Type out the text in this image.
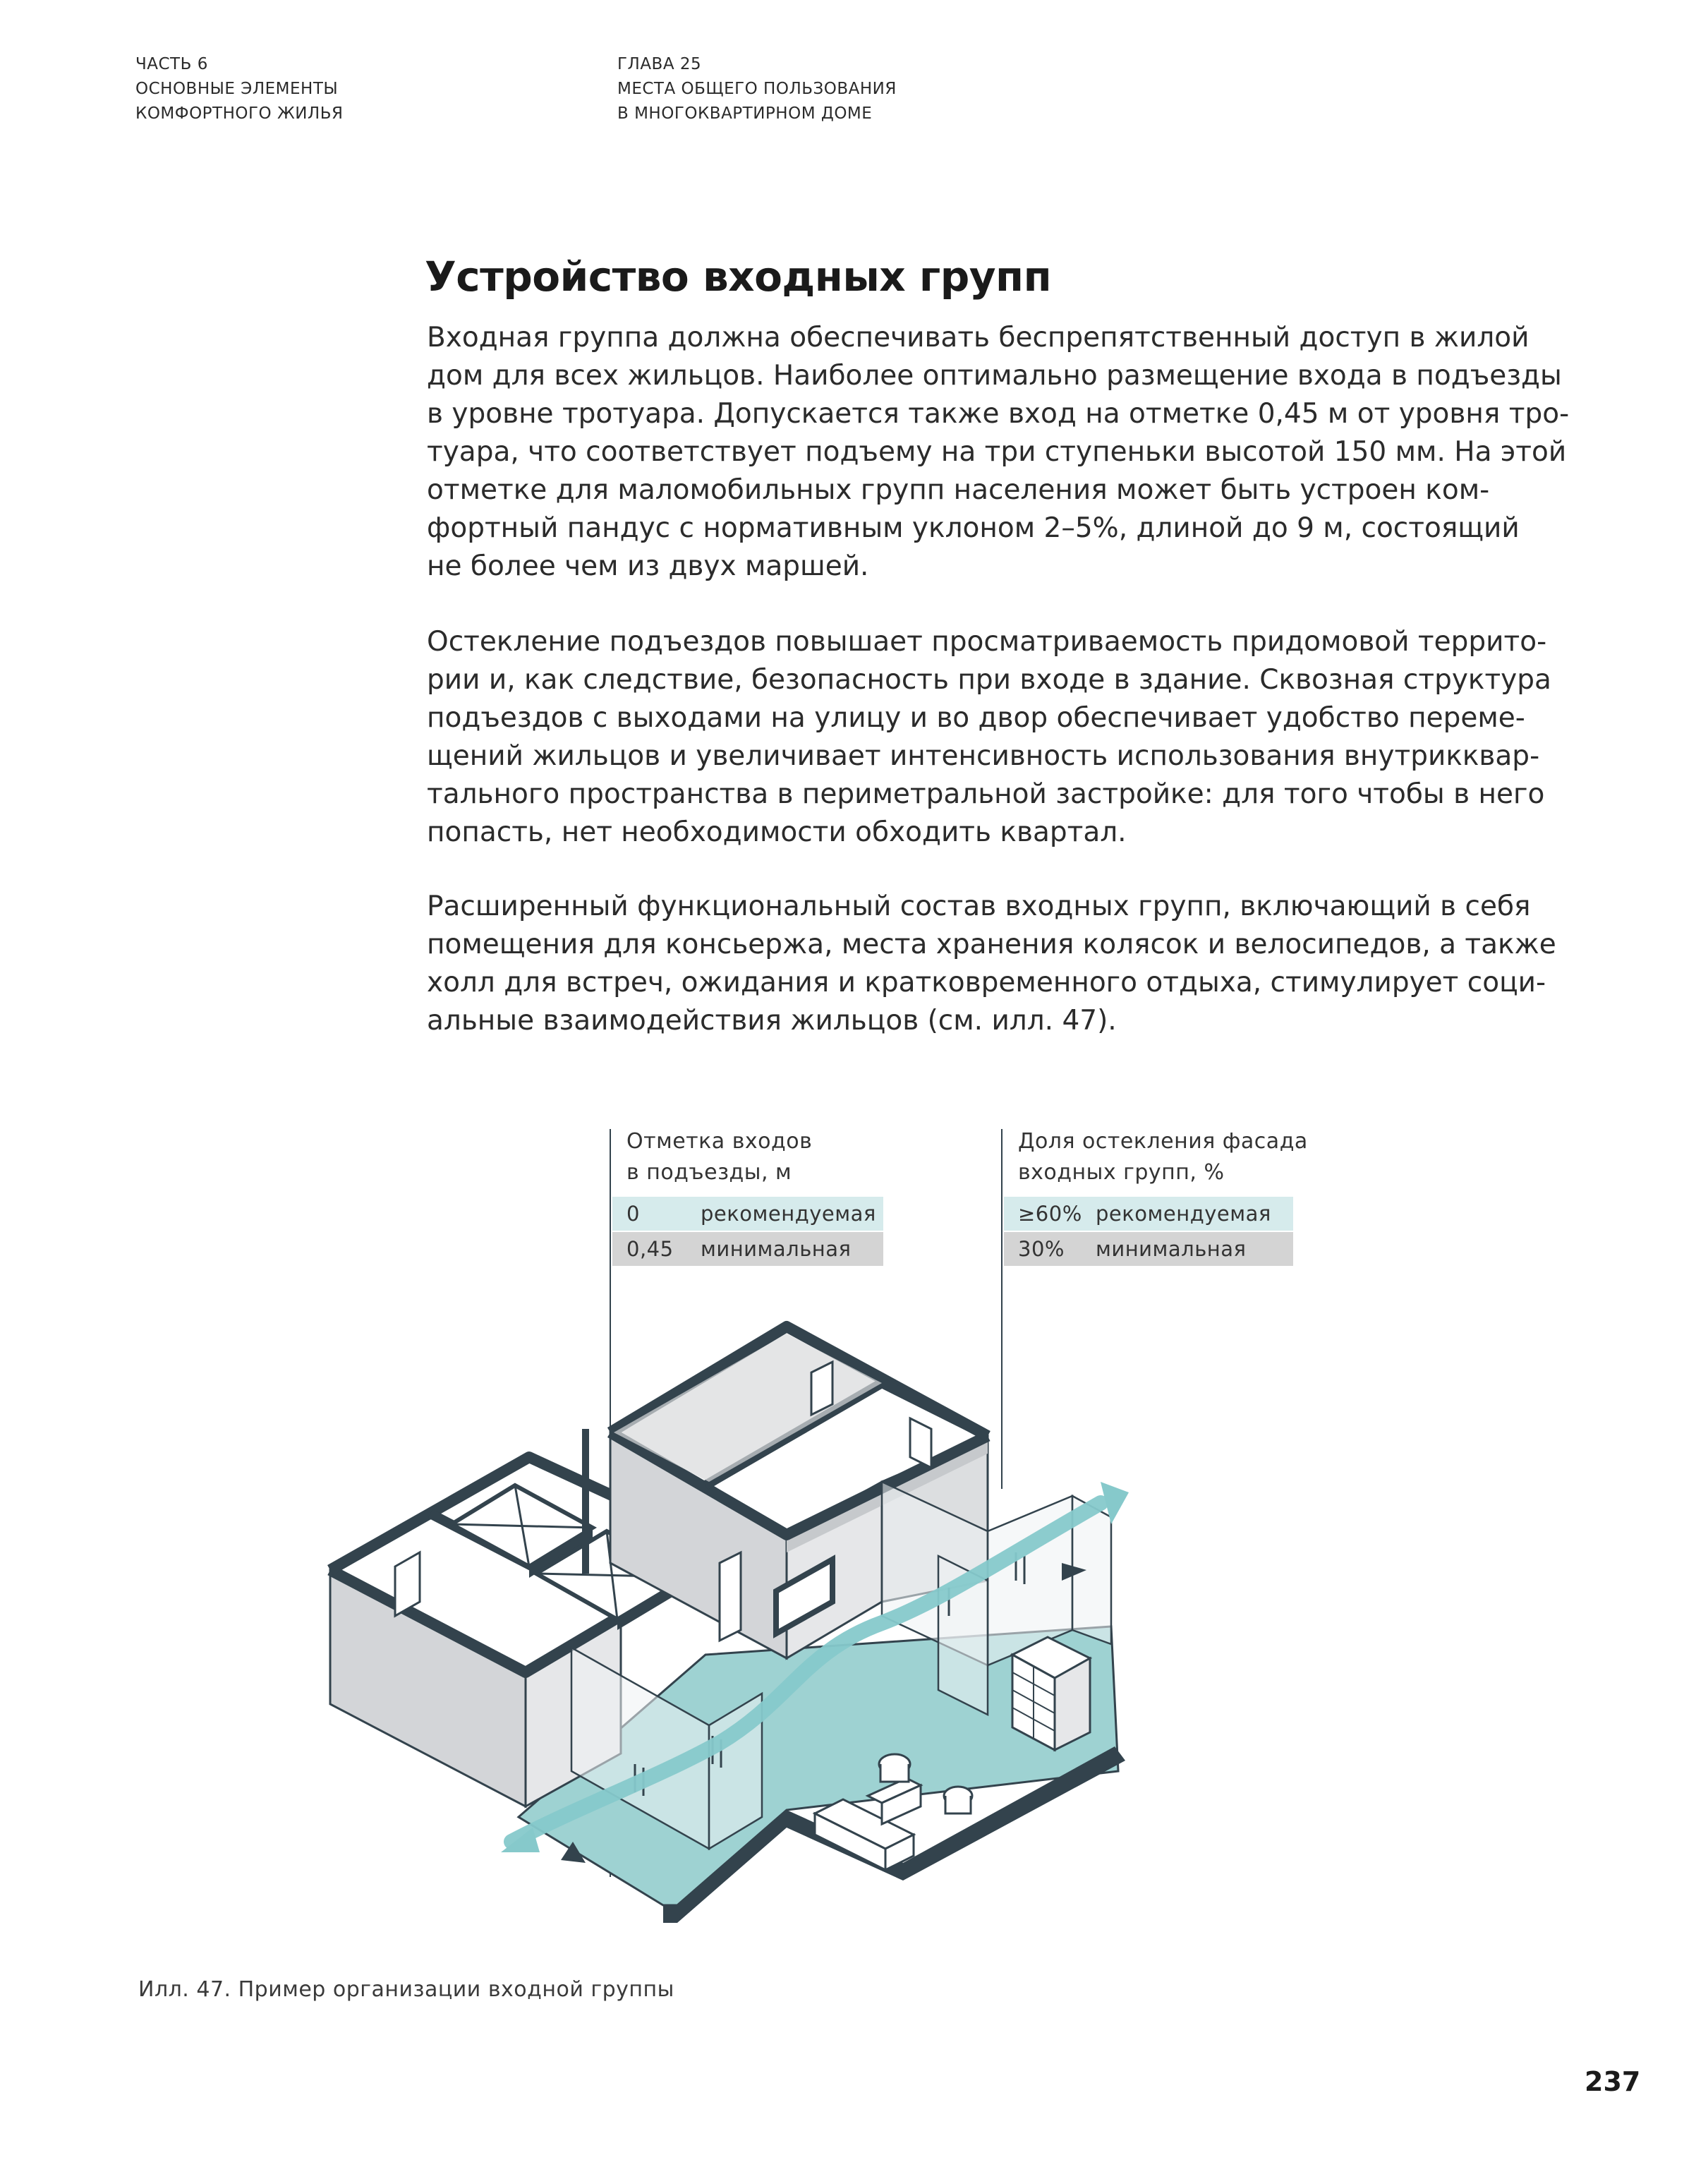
ЧАСТЬ 6
ОСНОВНЫЕ ЭЛЕМЕНТЫ
КОМФОРТНОГО ЖИЛЬЯ
ГЛАВА 25
МЕСТА ОБЩЕГО ПОЛЬЗОВАНИЯ
В МНОГОКВАРТИРНОМ ДОМЕ
Устройство входных групп
Входная группа должна обеспечивать беспрепятственный доступ в жилой
дом для всех жильцов. Наиболее оптимально размещение входа в подъезды
в уровне тротуара. Допускается также вход на отметке 0,45 м от уровня тро-
туара, что соответствует подъему на три ступеньки высотой 150 мм. На этой
отметке для маломобильных групп населения может быть устроен ком-
фортный пандус с нормативным уклоном 2–5%, длиной до 9 м, состоящий
не более чем из двух маршей.
Остекление подъездов повышает просматриваемость придомовой террито-
рии и, как следствие, безопасность при входе в здание. Сквозная структура
подъездов с выходами на улицу и во двор обеспечивает удобство переме-
щений жильцов и увеличивает интенсивность использования внутрикквар-
тального пространства в периметральной застройке: для того чтобы в него
попасть, нет необходимости обходить квартал.
Расширенный функциональный состав входных групп, включающий в себя
помещения для консьержа, места хранения колясок и велосипедов, а также
холл для встреч, ожидания и кратковременного отдыха, стимулирует соци-
альные взаимодействия жильцов (см. илл. 47).
Отметка входов
в подъезды, м
Доля остекления фасада
входных групп, %
0	рекомендуемая
0,45	минимальная
≥60% рекомендуемая
30%	минимальная
Илл. 47. Пример организации входной группы
237
